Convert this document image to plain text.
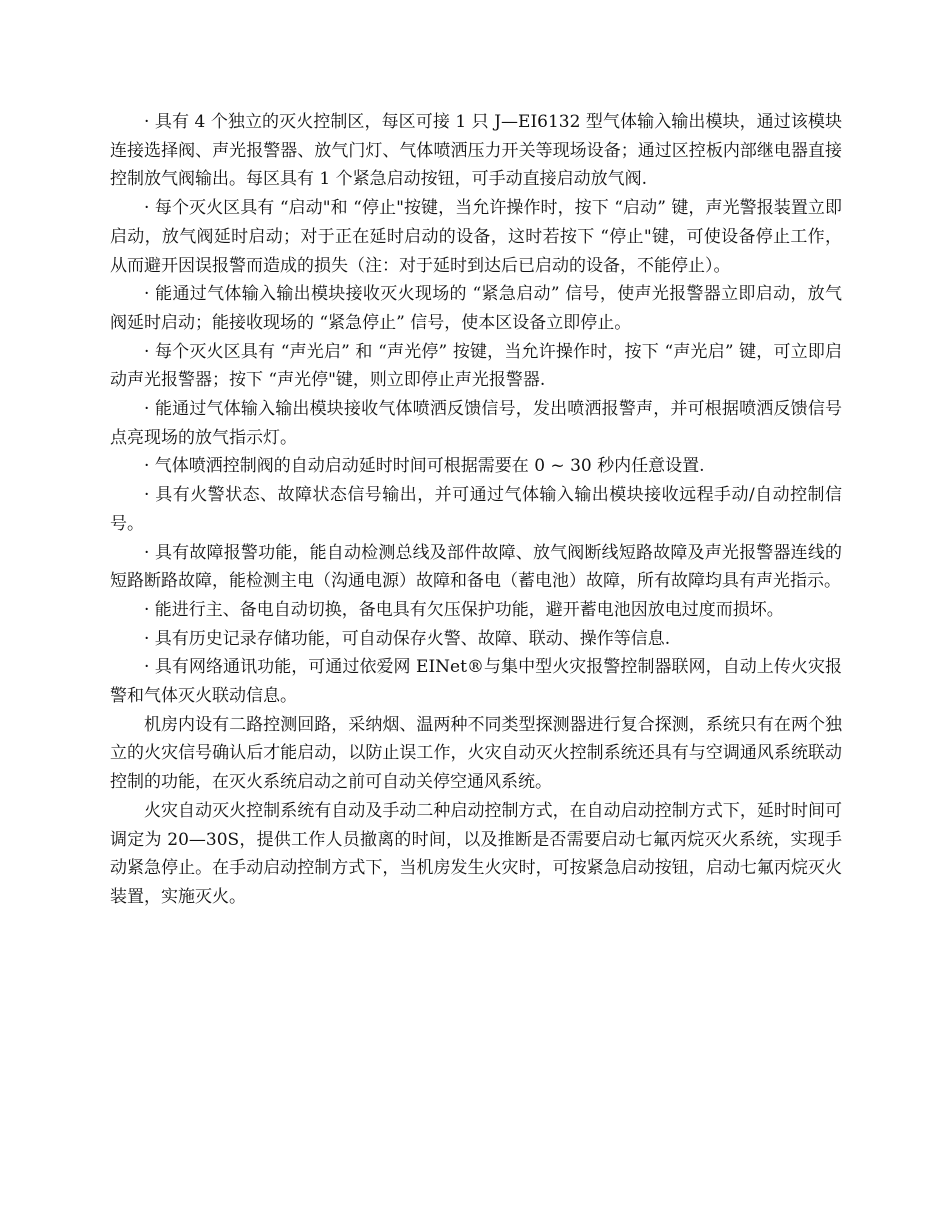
· 具有 4 个独立的灭火控制区，每区可接 1 只 J—EI6132 型气体输入输出模块，通过该模块连接选择阀、声光报警器、放气门灯、气体喷洒压力开关等现场设备；通过区控板内部继电器直接控制放气阀输出。每区具有 1 个紧急启动按钮，可手动直接启动放气阀.

· 每个灭火区具有 “启动"和 “停止"按键，当允许操作时，按下 “启动” 键，声光警报装置立即启动，放气阀延时启动；对于正在延时启动的设备，这时若按下 “停止"键，可使设备停止工作，从而避开因误报警而造成的损失（注：对于延时到达后已启动的设备，不能停止）。

· 能通过气体输入输出模块接收灭火现场的 “紧急启动” 信号，使声光报警器立即启动，放气阀延时启动；能接收现场的 “紧急停止” 信号，使本区设备立即停止。

· 每个灭火区具有 “声光启” 和 “声光停” 按键，当允许操作时，按下 “声光启” 键，可立即启动声光报警器；按下 “声光停"键，则立即停止声光报警器.

· 能通过气体输入输出模块接收气体喷洒反馈信号，发出喷洒报警声，并可根据喷洒反馈信号点亮现场的放气指示灯。

· 气体喷洒控制阀的自动启动延时时间可根据需要在 0 ~ 30 秒内任意设置.

· 具有火警状态、故障状态信号输出，并可通过气体输入输出模块接收远程手动/自动控制信号。

· 具有故障报警功能，能自动检测总线及部件故障、放气阀断线短路故障及声光报警器连线的短路断路故障，能检测主电（沟通电源）故障和备电（蓄电池）故障，所有故障均具有声光指示。

· 能进行主、备电自动切换，备电具有欠压保护功能，避开蓄电池因放电过度而损坏。

· 具有历史记录存储功能，可自动保存火警、故障、联动、操作等信息.

· 具有网络通讯功能，可通过依爱网 EINet®与集中型火灾报警控制器联网，自动上传火灾报警和气体灭火联动信息。

机房内设有二路控测回路，采纳烟、温两种不同类型探测器进行复合探测，系统只有在两个独立的火灾信号确认后才能启动，以防止误工作，火灾自动灭火控制系统还具有与空调通风系统联动控制的功能，在灭火系统启动之前可自动关停空通风系统。

火灾自动灭火控制系统有自动及手动二种启动控制方式，在自动启动控制方式下，延时时间可调定为 20—30S，提供工作人员撤离的时间，以及推断是否需要启动七氟丙烷灭火系统，实现手动紧急停止。在手动启动控制方式下，当机房发生火灾时，可按紧急启动按钮，启动七氟丙烷灭火装置，实施灭火。
